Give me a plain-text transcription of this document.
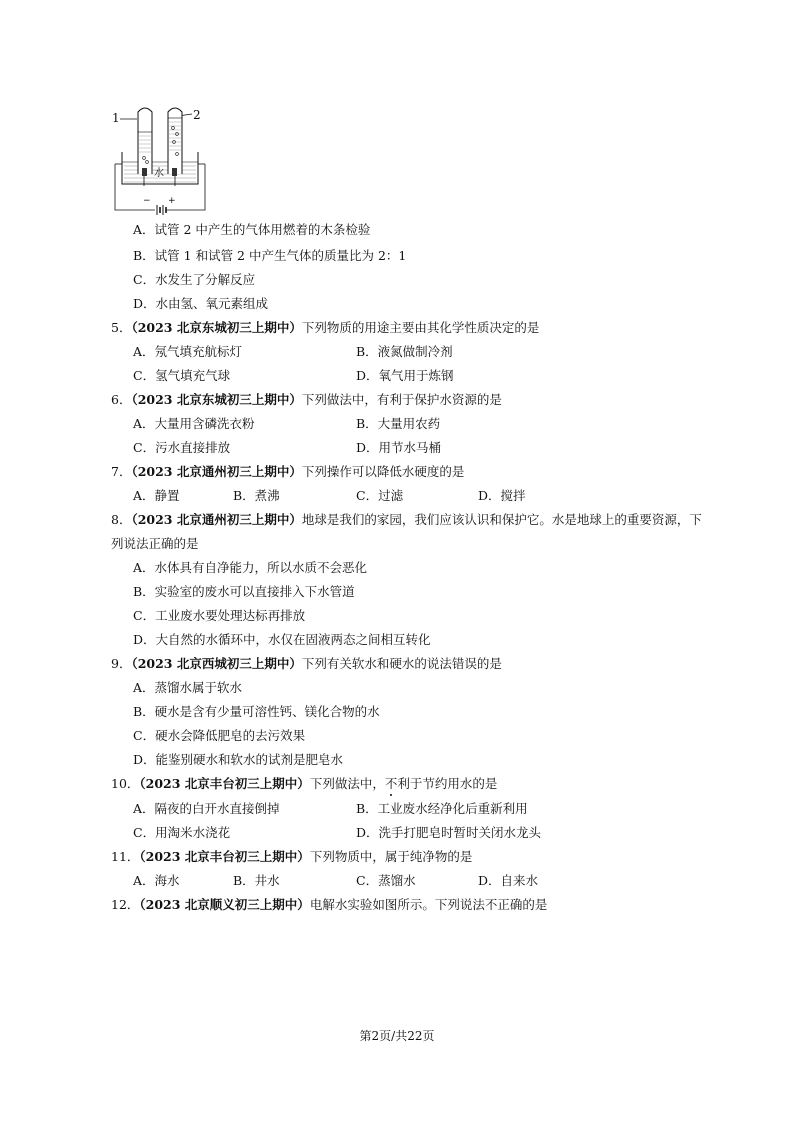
1	2
水
− +
A．试管 2 中产生的气体用燃着的木条检验
B．试管 1 和试管 2 中产生气体的质量比为 2：1
C．水发生了分解反应
D．水由氢、氧元素组成
5．（2023 北京东城初三上期中）下列物质的用途主要由其化学性质决定的是
A．氖气填充航标灯	B．液氮做制冷剂
C．氢气填充气球	D．氧气用于炼钢
6．（2023 北京东城初三上期中）下列做法中，有利于保护水资源的是
A．大量用含磷洗衣粉	B．大量用农药
C．污水直接排放	D．用节水马桶
7．（2023 北京通州初三上期中）下列操作可以降低水硬度的是
A．静置	B．煮沸	C．过滤	D．搅拌
8．（2023 北京通州初三上期中）地球是我们的家园，我们应该认识和保护它。水是地球上的重要资源，下
列说法正确的是
A．水体具有自净能力，所以水质不会恶化
B．实验室的废水可以直接排入下水管道
C．工业废水要处理达标再排放
D．大自然的水循环中，水仅在固液两态之间相互转化
9．（2023 北京西城初三上期中）下列有关软水和硬水的说法错误的是
A．蒸馏水属于软水
B．硬水是含有少量可溶性钙、镁化合物的水
C．硬水会降低肥皂的去污效果
D．能鉴别硬水和软水的试剂是肥皂水
10．（2023 北京丰台初三上期中）下列做法中，不利于节约用水的是
A．隔夜的白开水直接倒掉	B．工业废水经净化后重新利用
C．用淘米水浇花	D．洗手打肥皂时暂时关闭水龙头
11．（2023 北京丰台初三上期中）下列物质中，属于纯净物的是
A．海水	B．井水	C．蒸馏水	D．自来水
12．（2023 北京顺义初三上期中）电解水实验如图所示。下列说法不正确的是
第2页/共22页
